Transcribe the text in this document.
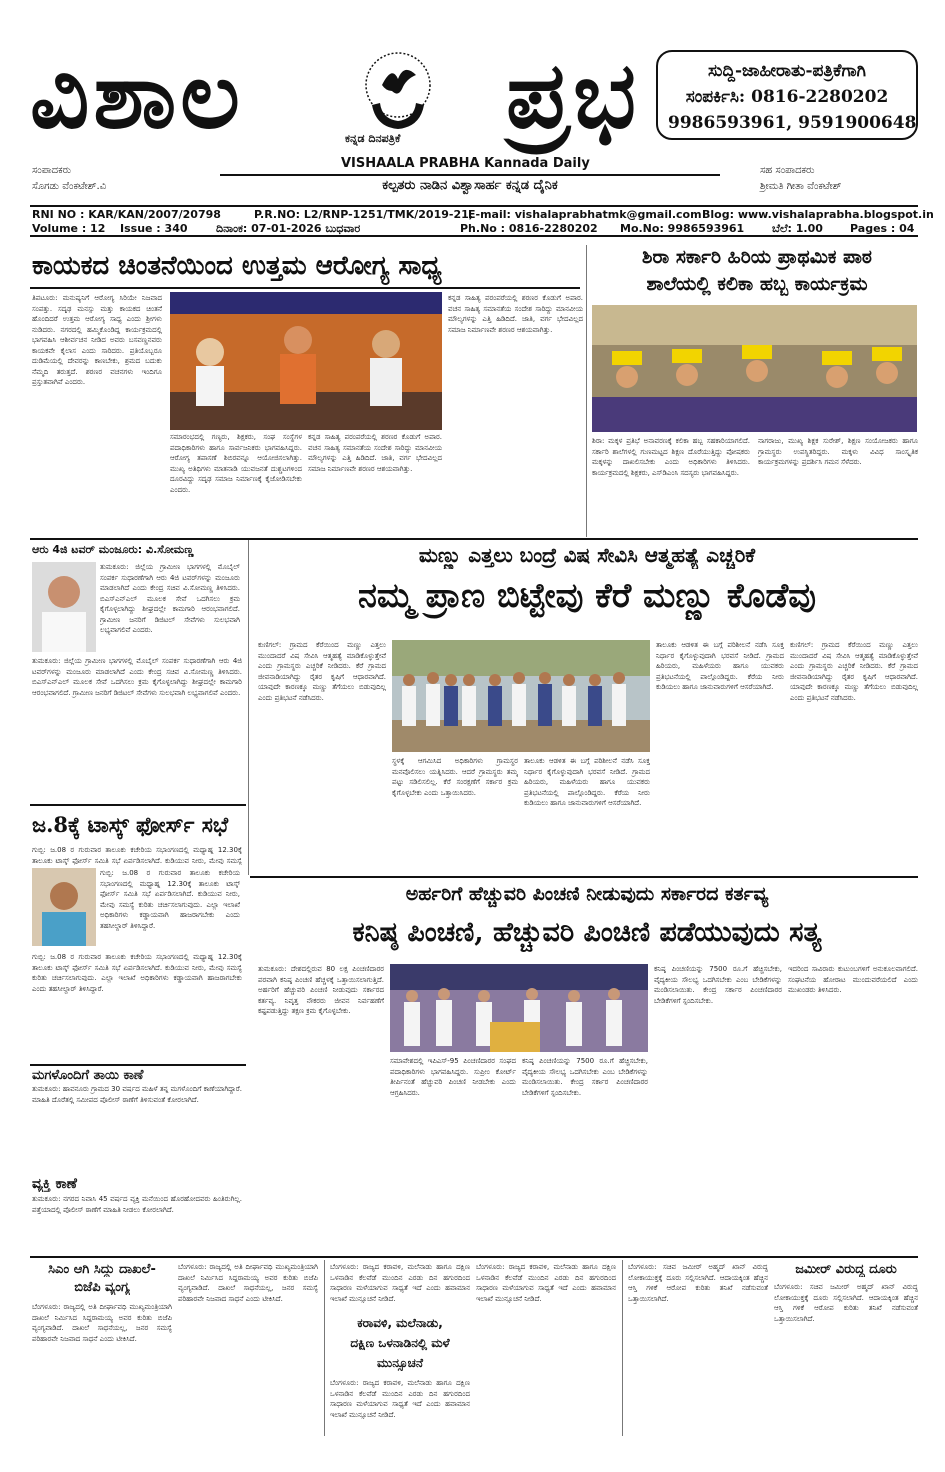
ವಿಶಾಲ	ಪ್ರಭ
ಕನ್ನಡ ದಿನಪತ್ರಿಕೆ
VISHAALA PRABHA Kannada Daily
ಕಲ್ಪತರು ನಾಡಿನ ವಿಶ್ವಾಸಾರ್ಹ ಕನ್ನಡ ದೈನಿಕ
ಸುದ್ದಿ-ಜಾಹೀರಾತು-ಪತ್ರಿಕೆಗಾಗಿ
ಸಂಪರ್ಕಿಸಿ: 0816-2280202
9986593961, 9591900648
ಸಂಪಾದಕರು
ಸೊಗಡು ವೆಂಕಟೇಶ್.ವಿ
ಸಹ ಸಂಪಾದಕರು
ಶ್ರೀಮತಿ ಗೀತಾ ವೆಂಕಟೇಶ್
RNI NO : KAR/KAN/2007/20798	P.R.NO: L2/RNP-1251/TMK/2019-21,
E-mail: vishalaprabhatmk@gmail.com Blog: www.vishalaprabha.blogspot.in
Volume : 12 Issue : 340	ದಿನಾಂಕ: 07-01-2026 ಬುಧವಾರ	Ph.No : 0816-2280202 Mo.No: 9986593961	ಬೆಲೆ: 1.00 Pages : 04
ಕಾಯಕದ ಚಿಂತನೆಯಿಂದ ಉತ್ತಮ ಆರೋಗ್ಯ ಸಾಧ್ಯ
ತಿಪಟೂರು: ಮನುಷ್ಯನಿಗೆ ಆರೋಗ್ಯ ಸಿರಿಯೇ ನಿಜವಾದ ಸಂಪತ್ತು. ಸದೃಢ ಮನಸ್ಸು ಮತ್ತು ಕಾಯಕದ ಚಿಂತನೆ ಹೊಂದಿದರೆ ಉತ್ತಮ ಆರೋಗ್ಯ ಸಾಧ್ಯ ಎಂದು ಶ್ರೀಗಳು ನುಡಿದರು. ನಗರದಲ್ಲಿ ಹಮ್ಮಿಕೊಂಡಿದ್ದ ಕಾರ್ಯಕ್ರಮದಲ್ಲಿ ಭಾಗವಹಿಸಿ ಆಶೀರ್ವಚನ ನೀಡಿದ ಅವರು ಬಸವಣ್ಣನವರು ಕಾಯಕವೇ ಕೈಲಾಸ ಎಂದು ಸಾರಿದರು. ಪ್ರತಿಯೊಬ್ಬರೂ ದುಡಿಮೆಯಲ್ಲಿ ದೇವರನ್ನು ಕಾಣಬೇಕು, ಶ್ರಮದ ಬದುಕು ನೆಮ್ಮದಿ ತರುತ್ತದೆ. ಶರಣರ ವಚನಗಳು ಇಂದಿಗೂ ಪ್ರಸ್ತುತವಾಗಿವೆ ಎಂದರು.
ಸಮಾರಂಭದಲ್ಲಿ ಗಣ್ಯರು, ಶಿಕ್ಷಕರು, ಸಂಘ ಸಂಸ್ಥೆಗಳ ಪದಾಧಿಕಾರಿಗಳು ಹಾಗೂ ಸಾರ್ವಜನಿಕರು ಭಾಗವಹಿಸಿದ್ದರು. ಆರೋಗ್ಯ ತಪಾಸಣೆ ಶಿಬಿರವನ್ನೂ ಆಯೋಜಿಸಲಾಗಿತ್ತು. ಮುಖ್ಯ ಅತಿಥಿಗಳು ಮಾತನಾಡಿ ಯುವಜನತೆ ದುಶ್ಚಟಗಳಿಂದ ದೂರವಿದ್ದು ಸದೃಢ ಸಮಾಜ ನಿರ್ಮಾಣಕ್ಕೆ ಕೈಜೋಡಿಸಬೇಕು ಎಂದರು.
ಕನ್ನಡ ಸಾಹಿತ್ಯ ಪರಂಪರೆಯಲ್ಲಿ ಶರಣರ ಕೊಡುಗೆ ಅಪಾರ. ವಚನ ಸಾಹಿತ್ಯ ಸಮಾನತೆಯ ಸಂದೇಶ ಸಾರಿದ್ದು ಮಾನವೀಯ ಮೌಲ್ಯಗಳನ್ನು ಎತ್ತಿ ಹಿಡಿದಿದೆ. ಜಾತಿ, ವರ್ಗ ಭೇದವಿಲ್ಲದ ಸಮಾಜ ನಿರ್ಮಾಣವೇ ಶರಣರ ಆಶಯವಾಗಿತ್ತು.
ಕನ್ನಡ ಸಾಹಿತ್ಯ ಪರಂಪರೆಯಲ್ಲಿ ಶರಣರ ಕೊಡುಗೆ ಅಪಾರ. ವಚನ ಸಾಹಿತ್ಯ ಸಮಾನತೆಯ ಸಂದೇಶ ಸಾರಿದ್ದು ಮಾನವೀಯ ಮೌಲ್ಯಗಳನ್ನು ಎತ್ತಿ ಹಿಡಿದಿದೆ. ಜಾತಿ, ವರ್ಗ ಭೇದವಿಲ್ಲದ ಸಮಾಜ ನಿರ್ಮಾಣವೇ ಶರಣರ ಆಶಯವಾಗಿತ್ತು.
ಶಿರಾ ಸರ್ಕಾರಿ ಹಿರಿಯ ಪ್ರಾಥಮಿಕ ಪಾಠ
ಶಾಲೆಯಲ್ಲಿ ಕಲಿಕಾ ಹಬ್ಬ ಕಾರ್ಯಕ್ರಮ
ಶಿರಾ: ಮಕ್ಕಳ ಪ್ರತಿಭೆ ಅನಾವರಣಕ್ಕೆ ಕಲಿಕಾ ಹಬ್ಬ ಸಹಕಾರಿಯಾಗಲಿದೆ. ಸರ್ಕಾರಿ ಶಾಲೆಗಳಲ್ಲಿ ಗುಣಮಟ್ಟದ ಶಿಕ್ಷಣ ದೊರೆಯುತ್ತಿದ್ದು ಪೋಷಕರು ಮಕ್ಕಳನ್ನು ದಾಖಲಿಸಬೇಕು ಎಂದು ಅಧಿಕಾರಿಗಳು ತಿಳಿಸಿದರು. ಕಾರ್ಯಕ್ರಮದಲ್ಲಿ ಶಿಕ್ಷಕರು, ಎಸ್‌ಡಿಎಂಸಿ ಸದಸ್ಯರು ಭಾಗವಹಿಸಿದ್ದರು.
ನಾಗರಾಜು, ಮುಖ್ಯ ಶಿಕ್ಷಕ ಸುರೇಶ್, ಶಿಕ್ಷಣ ಸಂಯೋಜಕರು ಹಾಗೂ ಗ್ರಾಮಸ್ಥರು ಉಪಸ್ಥಿತರಿದ್ದರು. ಮಕ್ಕಳು ವಿವಿಧ ಸಾಂಸ್ಕೃತಿಕ ಕಾರ್ಯಕ್ರಮಗಳನ್ನು ಪ್ರದರ್ಶಿಸಿ ಗಮನ ಸೆಳೆದರು.
ಆರು 4ಜಿ ಟವರ್ ಮಂಜೂರು: ವಿ.ಸೋಮಣ್ಣ
ತುಮಕೂರು: ಜಿಲ್ಲೆಯ ಗ್ರಾಮೀಣ ಭಾಗಗಳಲ್ಲಿ ಮೊಬೈಲ್ ಸಂಪರ್ಕ ಸುಧಾರಣೆಗಾಗಿ ಆರು 4ಜಿ ಟವರ್‌ಗಳನ್ನು ಮಂಜೂರು ಮಾಡಲಾಗಿದೆ ಎಂದು ಕೇಂದ್ರ ಸಚಿವ ವಿ.ಸೋಮಣ್ಣ ತಿಳಿಸಿದರು. ಬಿಎಸ್‌ಎನ್‌ಎಲ್ ಮೂಲಕ ಸೇವೆ ಒದಗಿಸಲು ಕ್ರಮ ಕೈಗೊಳ್ಳಲಾಗಿದ್ದು ಶೀಘ್ರದಲ್ಲೇ ಕಾಮಗಾರಿ ಆರಂಭವಾಗಲಿದೆ. ಗ್ರಾಮೀಣ ಜನರಿಗೆ ಡಿಜಿಟಲ್ ಸೇವೆಗಳು ಸುಲಭವಾಗಿ ಲಭ್ಯವಾಗಲಿವೆ ಎಂದರು.
ತುಮಕೂರು: ಜಿಲ್ಲೆಯ ಗ್ರಾಮೀಣ ಭಾಗಗಳಲ್ಲಿ ಮೊಬೈಲ್ ಸಂಪರ್ಕ ಸುಧಾರಣೆಗಾಗಿ ಆರು 4ಜಿ ಟವರ್‌ಗಳನ್ನು ಮಂಜೂರು ಮಾಡಲಾಗಿದೆ ಎಂದು ಕೇಂದ್ರ ಸಚಿವ ವಿ.ಸೋಮಣ್ಣ ತಿಳಿಸಿದರು. ಬಿಎಸ್‌ಎನ್‌ಎಲ್ ಮೂಲಕ ಸೇವೆ ಒದಗಿಸಲು ಕ್ರಮ ಕೈಗೊಳ್ಳಲಾಗಿದ್ದು ಶೀಘ್ರದಲ್ಲೇ ಕಾಮಗಾರಿ ಆರಂಭವಾಗಲಿದೆ. ಗ್ರಾಮೀಣ ಜನರಿಗೆ ಡಿಜಿಟಲ್ ಸೇವೆಗಳು ಸುಲಭವಾಗಿ ಲಭ್ಯವಾಗಲಿವೆ ಎಂದರು.
ಮಣ್ಣು ಎತ್ತಲು ಬಂದ್ರೆ ವಿಷ ಸೇವಿಸಿ ಆತ್ಮಹತ್ಯೆ ಎಚ್ಚರಿಕೆ
ನಮ್ಮ ಪ್ರಾಣ ಬಿಟ್ಟೇವು ಕೆರೆ ಮಣ್ಣು ಕೊಡೆವು
ಕುಣಿಗಲ್: ಗ್ರಾಮದ ಕೆರೆಯಿಂದ ಮಣ್ಣು ಎತ್ತಲು ಮುಂದಾದರೆ ವಿಷ ಸೇವಿಸಿ ಆತ್ಮಹತ್ಯೆ ಮಾಡಿಕೊಳ್ಳುತ್ತೇವೆ ಎಂದು ಗ್ರಾಮಸ್ಥರು ಎಚ್ಚರಿಕೆ ನೀಡಿದರು. ಕೆರೆ ಗ್ರಾಮದ ಜೀವನಾಡಿಯಾಗಿದ್ದು ರೈತರ ಕೃಷಿಗೆ ಆಧಾರವಾಗಿದೆ. ಯಾವುದೇ ಕಾರಣಕ್ಕೂ ಮಣ್ಣು ತೆಗೆಯಲು ಬಿಡುವುದಿಲ್ಲ ಎಂದು ಪ್ರತಿಭಟನೆ ನಡೆಸಿದರು.
ಸ್ಥಳಕ್ಕೆ ಆಗಮಿಸಿದ ಅಧಿಕಾರಿಗಳು ಗ್ರಾಮಸ್ಥರ ಮನವೊಲಿಸಲು ಯತ್ನಿಸಿದರು. ಆದರೆ ಗ್ರಾಮಸ್ಥರು ತಮ್ಮ ಪಟ್ಟು ಸಡಿಲಿಸಲಿಲ್ಲ. ಕೆರೆ ಸಂರಕ್ಷಣೆಗೆ ಸರ್ಕಾರ ಕ್ರಮ ಕೈಗೊಳ್ಳಬೇಕು ಎಂದು ಒತ್ತಾಯಿಸಿದರು.
ತಾಲೂಕು ಆಡಳಿತ ಈ ಬಗ್ಗೆ ಪರಿಶೀಲನೆ ನಡೆಸಿ ಸೂಕ್ತ ನಿರ್ಧಾರ ಕೈಗೊಳ್ಳುವುದಾಗಿ ಭರವಸೆ ನೀಡಿದೆ. ಗ್ರಾಮದ ಹಿರಿಯರು, ಮಹಿಳೆಯರು ಹಾಗೂ ಯುವಕರು ಪ್ರತಿಭಟನೆಯಲ್ಲಿ ಪಾಲ್ಗೊಂಡಿದ್ದರು. ಕೆರೆಯ ನೀರು ಕುಡಿಯಲು ಹಾಗೂ ಜಾನುವಾರುಗಳಿಗೆ ಆಸರೆಯಾಗಿದೆ.
ತಾಲೂಕು ಆಡಳಿತ ಈ ಬಗ್ಗೆ ಪರಿಶೀಲನೆ ನಡೆಸಿ ಸೂಕ್ತ ನಿರ್ಧಾರ ಕೈಗೊಳ್ಳುವುದಾಗಿ ಭರವಸೆ ನೀಡಿದೆ. ಗ್ರಾಮದ ಹಿರಿಯರು, ಮಹಿಳೆಯರು ಹಾಗೂ ಯುವಕರು ಪ್ರತಿಭಟನೆಯಲ್ಲಿ ಪಾಲ್ಗೊಂಡಿದ್ದರು. ಕೆರೆಯ ನೀರು ಕುಡಿಯಲು ಹಾಗೂ ಜಾನುವಾರುಗಳಿಗೆ ಆಸರೆಯಾಗಿದೆ.
ಕುಣಿಗಲ್: ಗ್ರಾಮದ ಕೆರೆಯಿಂದ ಮಣ್ಣು ಎತ್ತಲು ಮುಂದಾದರೆ ವಿಷ ಸೇವಿಸಿ ಆತ್ಮಹತ್ಯೆ ಮಾಡಿಕೊಳ್ಳುತ್ತೇವೆ ಎಂದು ಗ್ರಾಮಸ್ಥರು ಎಚ್ಚರಿಕೆ ನೀಡಿದರು. ಕೆರೆ ಗ್ರಾಮದ ಜೀವನಾಡಿಯಾಗಿದ್ದು ರೈತರ ಕೃಷಿಗೆ ಆಧಾರವಾಗಿದೆ. ಯಾವುದೇ ಕಾರಣಕ್ಕೂ ಮಣ್ಣು ತೆಗೆಯಲು ಬಿಡುವುದಿಲ್ಲ ಎಂದು ಪ್ರತಿಭಟನೆ ನಡೆಸಿದರು.
ಜ.8ಕ್ಕೆ ಟಾಸ್ಕ್ ಫೋರ್ಸ್ ಸಭೆ
ಗುಬ್ಬಿ: ಜ.08 ರ ಗುರುವಾರ ತಾಲೂಕು ಕಚೇರಿಯ ಸಭಾಂಗಣದಲ್ಲಿ ಮಧ್ಯಾಹ್ನ 12.30ಕ್ಕೆ ತಾಲೂಕು ಟಾಸ್ಕ್ ಫೋರ್ಸ್ ಸಮಿತಿ ಸಭೆ ಏರ್ಪಡಿಸಲಾಗಿದೆ. ಕುಡಿಯುವ ನೀರು, ಮೇವು ಸಮಸ್ಯೆ
ಗುಬ್ಬಿ: ಜ.08 ರ ಗುರುವಾರ ತಾಲೂಕು ಕಚೇರಿಯ ಸಭಾಂಗಣದಲ್ಲಿ ಮಧ್ಯಾಹ್ನ 12.30ಕ್ಕೆ ತಾಲೂಕು ಟಾಸ್ಕ್ ಫೋರ್ಸ್ ಸಮಿತಿ ಸಭೆ ಏರ್ಪಡಿಸಲಾಗಿದೆ. ಕುಡಿಯುವ ನೀರು, ಮೇವು ಸಮಸ್ಯೆ ಕುರಿತು ಚರ್ಚಿಸಲಾಗುವುದು. ಎಲ್ಲಾ ಇಲಾಖೆ ಅಧಿಕಾರಿಗಳು ಕಡ್ಡಾಯವಾಗಿ ಹಾಜರಾಗಬೇಕು ಎಂದು ತಹಸೀಲ್ದಾರ್ ತಿಳಿಸಿದ್ದಾರೆ.
ಗುಬ್ಬಿ: ಜ.08 ರ ಗುರುವಾರ ತಾಲೂಕು ಕಚೇರಿಯ ಸಭಾಂಗಣದಲ್ಲಿ ಮಧ್ಯಾಹ್ನ 12.30ಕ್ಕೆ ತಾಲೂಕು ಟಾಸ್ಕ್ ಫೋರ್ಸ್ ಸಮಿತಿ ಸಭೆ ಏರ್ಪಡಿಸಲಾಗಿದೆ. ಕುಡಿಯುವ ನೀರು, ಮೇವು ಸಮಸ್ಯೆ ಕುರಿತು ಚರ್ಚಿಸಲಾಗುವುದು. ಎಲ್ಲಾ ಇಲಾಖೆ ಅಧಿಕಾರಿಗಳು ಕಡ್ಡಾಯವಾಗಿ ಹಾಜರಾಗಬೇಕು ಎಂದು ತಹಸೀಲ್ದಾರ್ ತಿಳಿಸಿದ್ದಾರೆ.
ಅರ್ಹರಿಗೆ ಹೆಚ್ಚುವರಿ ಪಿಂಚಣಿ ನೀಡುವುದು ಸರ್ಕಾರದ ಕರ್ತವ್ಯ
ಕನಿಷ್ಠ ಪಿಂಚಣಿ, ಹೆಚ್ಚುವರಿ ಪಿಂಚಿಣಿ ಪಡೆಯುವುದು ಸತ್ಯ
ತುಮಕೂರು: ದೇಶದಲ್ಲಿರುವ 80 ಲಕ್ಷ ಪಿಂಚಣಿದಾರರ ಪರವಾಗಿ ಕನಿಷ್ಠ ಪಿಂಚಣಿ ಹೆಚ್ಚಳಕ್ಕೆ ಒತ್ತಾಯಿಸಲಾಗುತ್ತಿದೆ. ಅರ್ಹರಿಗೆ ಹೆಚ್ಚುವರಿ ಪಿಂಚಣಿ ನೀಡುವುದು ಸರ್ಕಾರದ ಕರ್ತವ್ಯ. ನಿವೃತ್ತ ನೌಕರರು ಜೀವನ ನಿರ್ವಹಣೆಗೆ ಕಷ್ಟಪಡುತ್ತಿದ್ದು ತಕ್ಷಣ ಕ್ರಮ ಕೈಗೊಳ್ಳಬೇಕು.
ಸಮಾವೇಶದಲ್ಲಿ ಇಪಿಎಸ್-95 ಪಿಂಚಣಿದಾರರ ಸಂಘದ ಪದಾಧಿಕಾರಿಗಳು ಭಾಗವಹಿಸಿದ್ದರು. ಸುಪ್ರೀಂ ಕೋರ್ಟ್ ತೀರ್ಪಿನಂತೆ ಹೆಚ್ಚುವರಿ ಪಿಂಚಣಿ ನೀಡಬೇಕು ಎಂದು ಆಗ್ರಹಿಸಿದರು.
ಕನಿಷ್ಠ ಪಿಂಚಣಿಯನ್ನು 7500 ರೂ.ಗೆ ಹೆಚ್ಚಿಸಬೇಕು, ವೈದ್ಯಕೀಯ ಸೌಲಭ್ಯ ಒದಗಿಸಬೇಕು ಎಂಬ ಬೇಡಿಕೆಗಳನ್ನು ಮಂಡಿಸಲಾಯಿತು. ಕೇಂದ್ರ ಸರ್ಕಾರ ಪಿಂಚಣಿದಾರರ ಬೇಡಿಕೆಗಳಿಗೆ ಸ್ಪಂದಿಸಬೇಕು.
ಕನಿಷ್ಠ ಪಿಂಚಣಿಯನ್ನು 7500 ರೂ.ಗೆ ಹೆಚ್ಚಿಸಬೇಕು, ವೈದ್ಯಕೀಯ ಸೌಲಭ್ಯ ಒದಗಿಸಬೇಕು ಎಂಬ ಬೇಡಿಕೆಗಳನ್ನು ಮಂಡಿಸಲಾಯಿತು. ಕೇಂದ್ರ ಸರ್ಕಾರ ಪಿಂಚಣಿದಾರರ ಬೇಡಿಕೆಗಳಿಗೆ ಸ್ಪಂದಿಸಬೇಕು.
ಇದರಿಂದ ಸಾವಿರಾರು ಕುಟುಂಬಗಳಿಗೆ ಅನುಕೂಲವಾಗಲಿದೆ. ಸಂಘಟನೆಯ ಹೋರಾಟ ಮುಂದುವರೆಯಲಿದೆ ಎಂದು ಮುಖಂಡರು ತಿಳಿಸಿದರು.
ಮಗಳೊಂದಿಗೆ ತಾಯಿ ಕಾಣೆ
ತುಮಕೂರು: ಹಾವನೂರು ಗ್ರಾಮದ 30 ವರ್ಷದ ಮಹಿಳೆ ತನ್ನ ಮಗಳೊಂದಿಗೆ ಕಾಣೆಯಾಗಿದ್ದಾರೆ. ಮಾಹಿತಿ ದೊರೆತಲ್ಲಿ ಸಮೀಪದ ಪೊಲೀಸ್ ಠಾಣೆಗೆ ತಿಳಿಸುವಂತೆ ಕೋರಲಾಗಿದೆ.
ವ್ಯಕ್ತಿ ಕಾಣೆ
ತುಮಕೂರು: ನಗರದ ನಿವಾಸಿ 45 ವರ್ಷದ ವ್ಯಕ್ತಿ ಮನೆಯಿಂದ ಹೊರಹೋದವರು ಹಿಂತಿರುಗಿಲ್ಲ. ಪತ್ತೆಯಾದಲ್ಲಿ ಪೊಲೀಸ್ ಠಾಣೆಗೆ ಮಾಹಿತಿ ನೀಡಲು ಕೋರಲಾಗಿದೆ.
ಸಿಎಂ ಆಗಿ ಸಿದ್ದು ದಾಖಲೆ-
ಬಿಜೆಪಿ ವ್ಯಂಗ್ಯ
ಬೆಂಗಳೂರು: ರಾಜ್ಯದಲ್ಲಿ ಅತಿ ದೀರ್ಘಾವಧಿ ಮುಖ್ಯಮಂತ್ರಿಯಾಗಿ ದಾಖಲೆ ನಿರ್ಮಿಸಿದ ಸಿದ್ದರಾಮಯ್ಯ ಅವರ ಕುರಿತು ಬಿಜೆಪಿ ವ್ಯಂಗ್ಯವಾಡಿದೆ. ದಾಖಲೆ ಸಾಧನೆಯಲ್ಲ, ಜನರ ಸಮಸ್ಯೆ ಪರಿಹಾರವೇ ನಿಜವಾದ ಸಾಧನೆ ಎಂದು ಟೀಕಿಸಿದೆ.
ಬೆಂಗಳೂರು: ರಾಜ್ಯದಲ್ಲಿ ಅತಿ ದೀರ್ಘಾವಧಿ ಮುಖ್ಯಮಂತ್ರಿಯಾಗಿ ದಾಖಲೆ ನಿರ್ಮಿಸಿದ ಸಿದ್ದರಾಮಯ್ಯ ಅವರ ಕುರಿತು ಬಿಜೆಪಿ ವ್ಯಂಗ್ಯವಾಡಿದೆ. ದಾಖಲೆ ಸಾಧನೆಯಲ್ಲ, ಜನರ ಸಮಸ್ಯೆ ಪರಿಹಾರವೇ ನಿಜವಾದ ಸಾಧನೆ ಎಂದು ಟೀಕಿಸಿದೆ.
ಬೆಂಗಳೂರು: ರಾಜ್ಯದ ಕರಾವಳಿ, ಮಲೆನಾಡು ಹಾಗೂ ದಕ್ಷಿಣ ಒಳನಾಡಿನ ಕೆಲವೆಡೆ ಮುಂದಿನ ಎರಡು ದಿನ ಹಗುರದಿಂದ ಸಾಧಾರಣ ಮಳೆಯಾಗುವ ಸಾಧ್ಯತೆ ಇದೆ ಎಂದು ಹವಾಮಾನ ಇಲಾಖೆ ಮುನ್ಸೂಚನೆ ನೀಡಿದೆ.
ಕರಾವಳಿ, ಮಲೆನಾಡು,
ದಕ್ಷಿಣ ಒಳನಾಡಿನಲ್ಲಿ ಮಳೆ
ಮುನ್ಸೂಚನೆ
ಬೆಂಗಳೂರು: ರಾಜ್ಯದ ಕರಾವಳಿ, ಮಲೆನಾಡು ಹಾಗೂ ದಕ್ಷಿಣ ಒಳನಾಡಿನ ಕೆಲವೆಡೆ ಮುಂದಿನ ಎರಡು ದಿನ ಹಗುರದಿಂದ ಸಾಧಾರಣ ಮಳೆಯಾಗುವ ಸಾಧ್ಯತೆ ಇದೆ ಎಂದು ಹವಾಮಾನ ಇಲಾಖೆ ಮುನ್ಸೂಚನೆ ನೀಡಿದೆ.
ಬೆಂಗಳೂರು: ರಾಜ್ಯದ ಕರಾವಳಿ, ಮಲೆನಾಡು ಹಾಗೂ ದಕ್ಷಿಣ ಒಳನಾಡಿನ ಕೆಲವೆಡೆ ಮುಂದಿನ ಎರಡು ದಿನ ಹಗುರದಿಂದ ಸಾಧಾರಣ ಮಳೆಯಾಗುವ ಸಾಧ್ಯತೆ ಇದೆ ಎಂದು ಹವಾಮಾನ ಇಲಾಖೆ ಮುನ್ಸೂಚನೆ ನೀಡಿದೆ.
ಬೆಂಗಳೂರು: ಸಚಿವ ಜಮೀರ್ ಅಹ್ಮದ್ ಖಾನ್ ವಿರುದ್ಧ ಲೋಕಾಯುಕ್ತಕ್ಕೆ ದೂರು ಸಲ್ಲಿಸಲಾಗಿದೆ. ಆದಾಯಕ್ಕಿಂತ ಹೆಚ್ಚಿನ ಆಸ್ತಿ ಗಳಿಕೆ ಆರೋಪ ಕುರಿತು ತನಿಖೆ ನಡೆಸುವಂತೆ ಒತ್ತಾಯಿಸಲಾಗಿದೆ.
ಜಮೀರ್ ವಿರುದ್ಧ ದೂರು
ಬೆಂಗಳೂರು: ಸಚಿವ ಜಮೀರ್ ಅಹ್ಮದ್ ಖಾನ್ ವಿರುದ್ಧ ಲೋಕಾಯುಕ್ತಕ್ಕೆ ದೂರು ಸಲ್ಲಿಸಲಾಗಿದೆ. ಆದಾಯಕ್ಕಿಂತ ಹೆಚ್ಚಿನ ಆಸ್ತಿ ಗಳಿಕೆ ಆರೋಪ ಕುರಿತು ತನಿಖೆ ನಡೆಸುವಂತೆ ಒತ್ತಾಯಿಸಲಾಗಿದೆ.
